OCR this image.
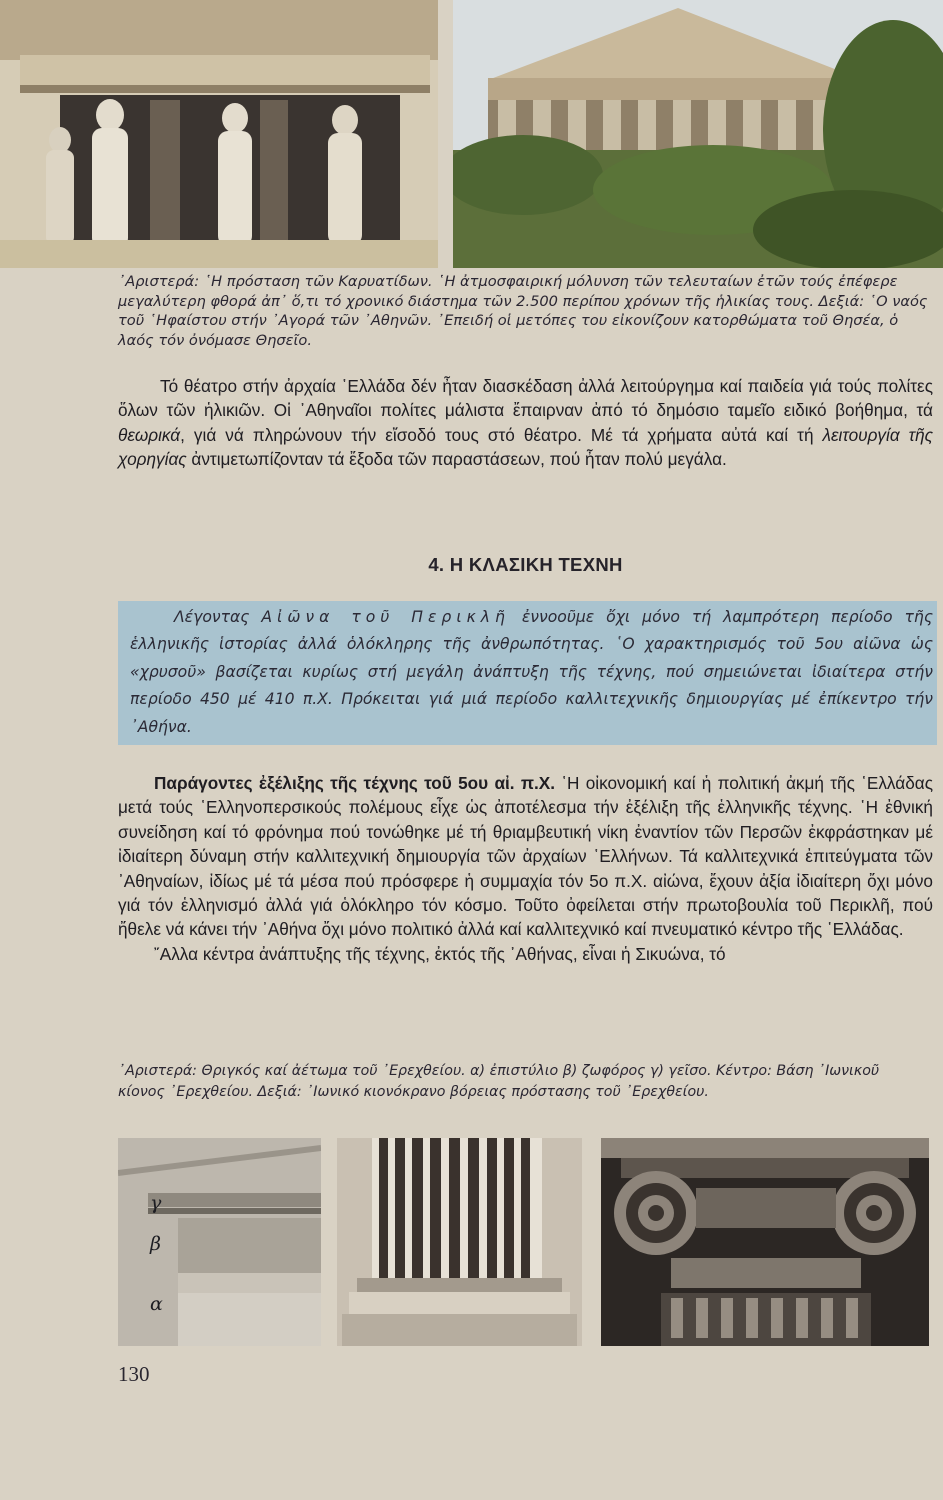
᾿Αριστερά: ῾Η πρόσταση τῶν Καρυατίδων. ῾Η ἀτμοσφαιρική μόλυνση τῶν τελευταίων ἐτῶν τούς ἐπέφερε μεγαλύτερη φθορά ἀπ᾿ ὅ,τι τό χρονικό διάστημα τῶν 2.500 περίπου χρόνων τῆς ἡλικίας τους. Δεξιά: ῾Ο ναός τοῦ ῾Ηφαίστου στήν ᾿Αγορά τῶν ᾿Αθηνῶν. ᾿Επειδή οἱ μετόπες του εἰκονίζουν κατορθώματα τοῦ Θησέα, ὁ λαός τόν ὀνόμασε Θησεῖο.

Τό θέατρο στήν ἀρχαία ῾Ελλάδα δέν ἦταν διασκέδαση ἀλλά λειτούργημα καί παιδεία γιά τούς πολίτες ὅλων τῶν ἡλικιῶν. Οἱ ᾿Αθηναῖοι πολίτες μάλιστα ἔπαιρναν ἀπό τό δημόσιο ταμεῖο ειδικό βοήθημα, τά θεωρικά, γιά νά πληρώνουν τήν εἴσοδό τους στό θέατρο. Μέ τά χρήματα αὐτά καί τή λειτουργία τῆς χορηγίας ἀντιμετωπίζονταν τά ἔξοδα τῶν παραστάσεων, πού ἦταν πολύ μεγάλα.

4. Η ΚΛΑΣΙΚΗ ΤΕΧΝΗ
Λέγοντας Αἰῶνα τοῦ Περικλῆ ἐννοοῦμε ὄχι μόνο τή λαμπρότερη περίοδο τῆς ἑλληνικῆς ἱστορίας ἀλλά ὁλόκληρης τῆς ἀνθρωπότητας. ῾Ο χαρακτηρισμός τοῦ 5ου αἰῶνα ὡς «χρυσοῦ» βασίζεται κυρίως στή μεγάλη ἀνάπτυξη τῆς τέχνης, πού σημειώνεται ἰδιαίτερα στήν περίοδο 450 μέ 410 π.Χ. Πρόκειται γιά μιά περίοδο καλλιτεχνικῆς δημιουργίας μέ ἐπίκεντρο τήν ᾿Αθήνα.

Παράγοντες ἐξέλιξης τῆς τέχνης τοῦ 5ου αἰ. π.Χ. ῾Η οἰκονομική καί ἡ πολιτική ἀκμή τῆς ῾Ελλάδας μετά τούς ῾Ελληνοπερσικούς πολέμους εἶχε ὡς ἀποτέλεσμα τήν ἐξέλιξη τῆς ἑλληνικῆς τέχνης. ῾Η ἐθνική συνείδηση καί τό φρόνημα πού τονώθηκε μέ τή θριαμβευτική νίκη ἐναντίον τῶν Περσῶν ἐκφράστηκαν μέ ἰδιαίτερη δύναμη στήν καλλιτεχνική δημιουργία τῶν ἀρχαίων ῾Ελλήνων. Τά καλλιτεχνικά ἐπιτεύγματα τῶν ᾿Αθηναίων, ἰδίως μέ τά μέσα πού πρόσφερε ἡ συμμαχία τόν 5ο π.Χ. αἰώνα, ἔχουν ἀξία ἰδιαίτερη ὄχι μόνο γιά τόν ἑλληνισμό ἀλλά γιά ὁλόκληρο τόν κόσμο. Τοῦτο ὀφείλεται στήν πρωτοβουλία τοῦ Περικλῆ, πού ἤθελε νά κάνει τήν ᾿Αθήνα ὄχι μόνο πολιτικό ἀλλά καί καλλιτεχνικό καί πνευματικό κέντρο τῆς ῾Ελλάδας.

῎Αλλα κέντρα ἀνάπτυξης τῆς τέχνης, ἐκτός τῆς ᾿Αθήνας, εἶναι ἡ Σικυώνα, τό

᾿Αριστερά: Θριγκός καί ἀέτωμα τοῦ ᾿Ερεχθείου. α) ἐπιστύλιο β) ζωφόρος γ) γεῖσο. Κέντρο: Βάση ᾿Ιωνικοῦ κίονος ᾿Ερεχθείου. Δεξιά: ᾿Ιωνικό κιονόκρανο βόρειας πρόστασης τοῦ ᾿Ερεχθείου.
γ
β
α
130
